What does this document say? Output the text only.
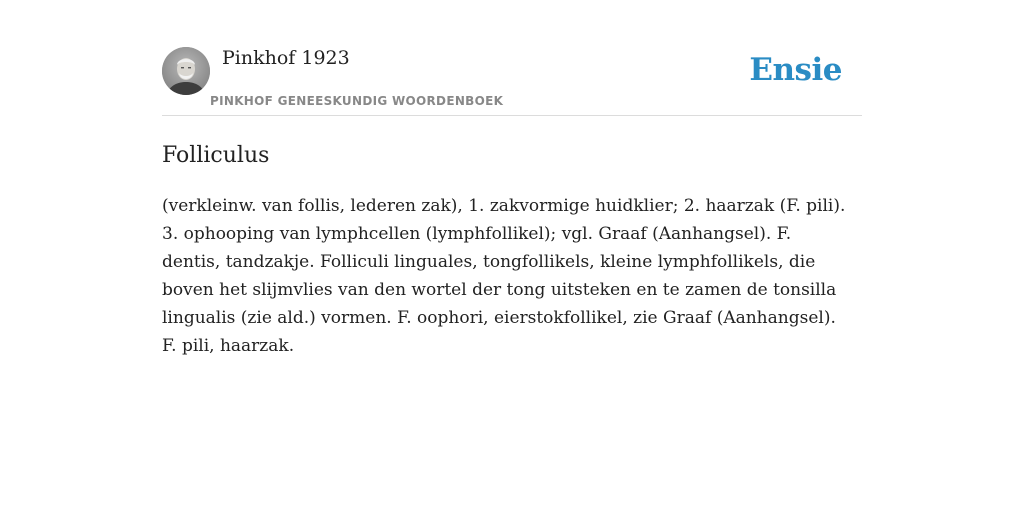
Pinkhof 1923
PINKHOF GENEESKUNDIG WOORDENBOEK
Ensie
Folliculus

(verkleinw. van follis, lederen zak), 1. zakvormige huidklier; 2. haarzak (F. pili). 3. ophooping van lymphcellen (lymphfollikel); vgl. Graaf (Aanhangsel). F. dentis, tandzakje. Folliculi linguales, tongfollikels, kleine lymphfollikels, die boven het slijmvlies van den wortel der tong uitsteken en te zamen de tonsilla lingualis (zie ald.) vormen. F. oophori, eierstokfollikel, zie Graaf (Aanhangsel). F. pili, haarzak.
